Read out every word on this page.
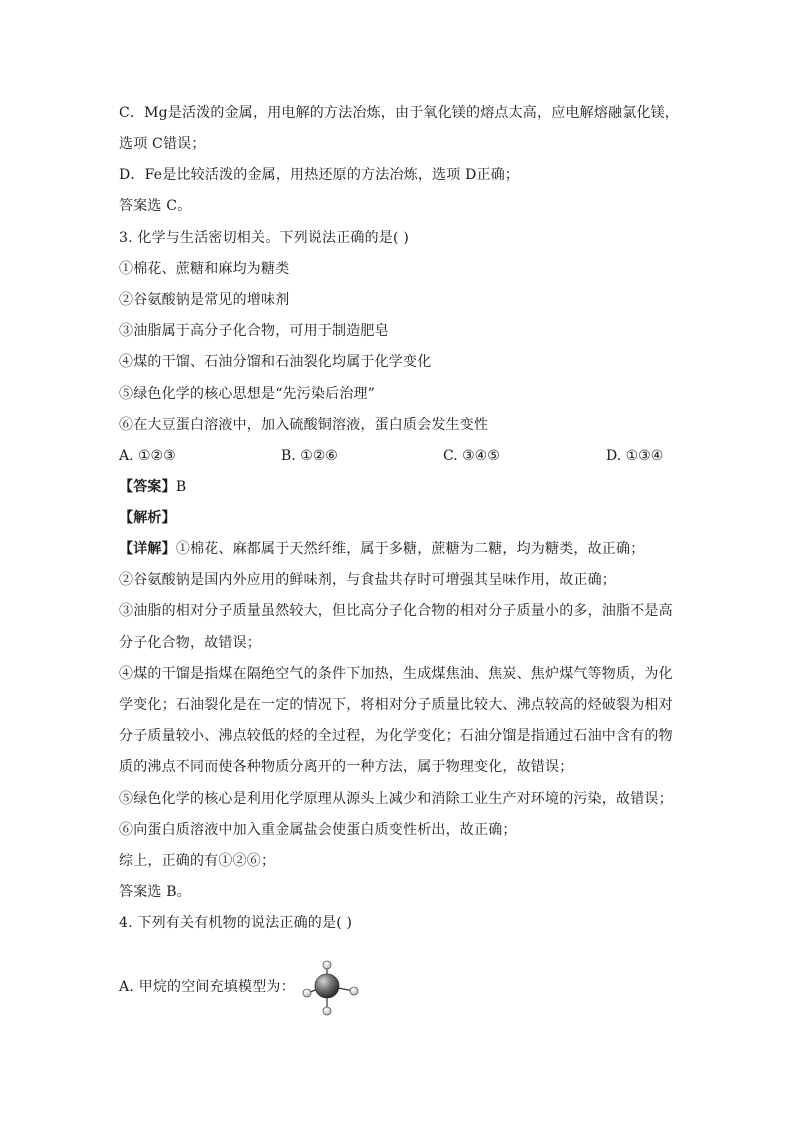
C．Mg是活泼的金属，用电解的方法冶炼，由于氧化镁的熔点太高，应电解熔融氯化镁，
选项 C错误；
D．Fe是比较活泼的金属，用热还原的方法冶炼，选项 D正确；
答案选 C。
3. 化学与生活密切相关。下列说法正确的是( )
①棉花、蔗糖和麻均为糖类
②谷氨酸钠是常见的增味剂
③油脂属于高分子化合物，可用于制造肥皂
④煤的干馏、石油分馏和石油裂化均属于化学变化
⑤绿色化学的核心思想是“先污染后治理”
⑥在大豆蛋白溶液中，加入硫酸铜溶液，蛋白质会发生变性
A. ①②③	B. ①②⑥	C. ③④⑤	D. ①③④
【答案】B
【解析】
【详解】①棉花、麻都属于天然纤维，属于多糖，蔗糖为二糖，均为糖类，故正确；
②谷氨酸钠是国内外应用的鲜味剂，与食盐共存时可增强其呈味作用，故正确；
③油脂的相对分子质量虽然较大，但比高分子化合物的相对分子质量小的多，油脂不是高
分子化合物，故错误；
④煤的干馏是指煤在隔绝空气的条件下加热，生成煤焦油、焦炭、焦炉煤气等物质，为化
学变化；石油裂化是在一定的情况下，将相对分子质量比较大、沸点较高的烃破裂为相对
分子质量较小、沸点较低的烃的全过程，为化学变化；石油分馏是指通过石油中含有的物
质的沸点不同而使各种物质分离开的一种方法，属于物理变化，故错误；
⑤绿色化学的核心是利用化学原理从源头上减少和消除工业生产对环境的污染，故错误；
⑥向蛋白质溶液中加入重金属盐会使蛋白质变性析出，故正确；
综上，正确的有①②⑥；
答案选 B。
4. 下列有关有机物的说法正确的是( )
A. 甲烷的空间充填模型为：
